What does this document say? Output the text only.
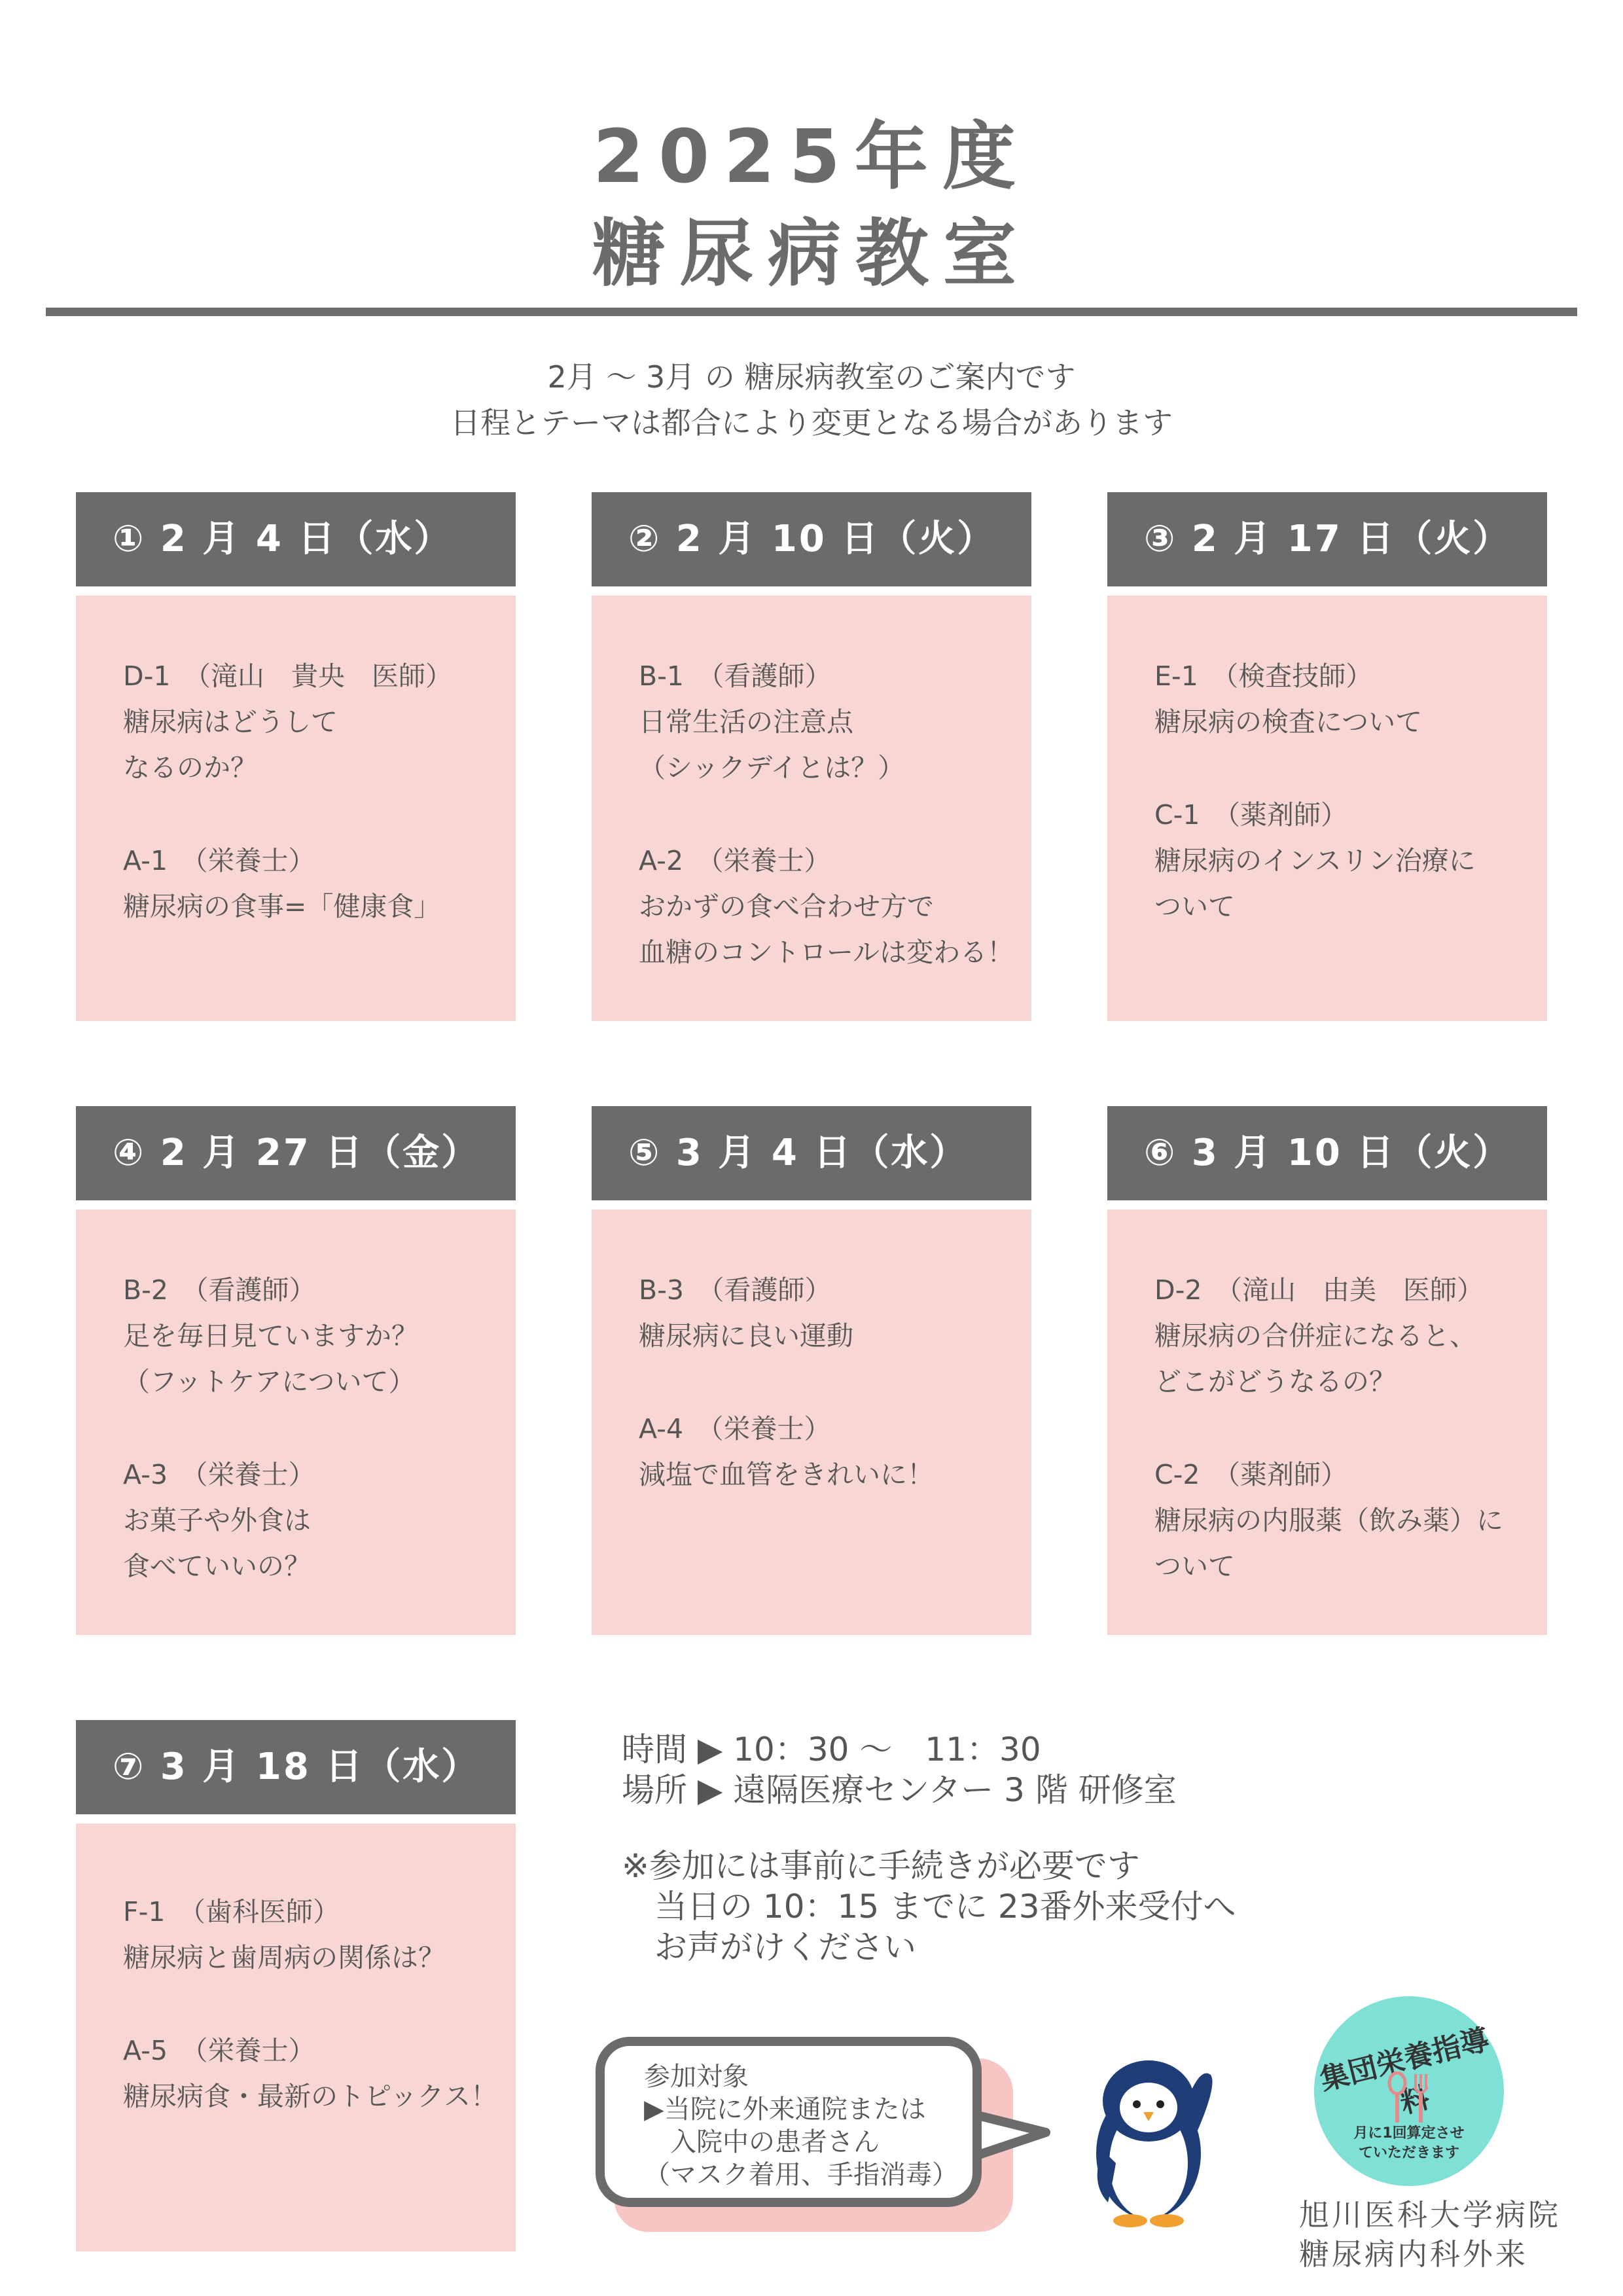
2025年度
糖尿病教室
2月 ～ 3月 の 糖尿病教室のご案内です
日程とテーマは都合により変更となる場合があります
① 2 月 4 日（水）
D-1　（滝山　貴央　医師）
糖尿病はどうして
なるのか？
A-1　（栄養士）
糖尿病の食事=「健康食」
② 2 月 10 日（火）
B-1　（看護師）
日常生活の注意点
（シックデイとは？）
A-2　（栄養士）
おかずの食べ合わせ方で
血糖のコントロールは変わる！
③ 2 月 17 日（火）
E-1　（検査技師）
糖尿病の検査について
C-1　（薬剤師）
糖尿病のインスリン治療に
ついて
④ 2 月 27 日（金）
B-2　（看護師）
足を毎日見ていますか？
（フットケアについて）
A-3　（栄養士）
お菓子や外食は
食べていいの？
⑤ 3 月 4 日（水）
B-3　（看護師）
糖尿病に良い運動
A-4　（栄養士）
減塩で血管をきれいに！
⑥ 3 月 10 日（火）
D-2　（滝山　由美　医師）
糖尿病の合併症になると、
どこがどうなるの？
C-2　（薬剤師）
糖尿病の内服薬（飲み薬）に
ついて
⑦ 3 月 18 日（水）
F-1　（歯科医師）
糖尿病と歯周病の関係は？
A-5　（栄養士）
糖尿病食・最新のトピックス！
時間 ▶ 10：30 ～　11：30
場所 ▶ 遠隔医療センター 3 階 研修室
※参加には事前に手続きが必要です
　当日の 10：15 までに 23番外来受付へ
　お声がけください
参加対象
▶当院に外来通院または
　入院中の患者さん
（マスク着用、手指消毒）
集団栄養指導料
月に1回算定させ
ていただきます
旭川医科大学病院
糖尿病内科外来
